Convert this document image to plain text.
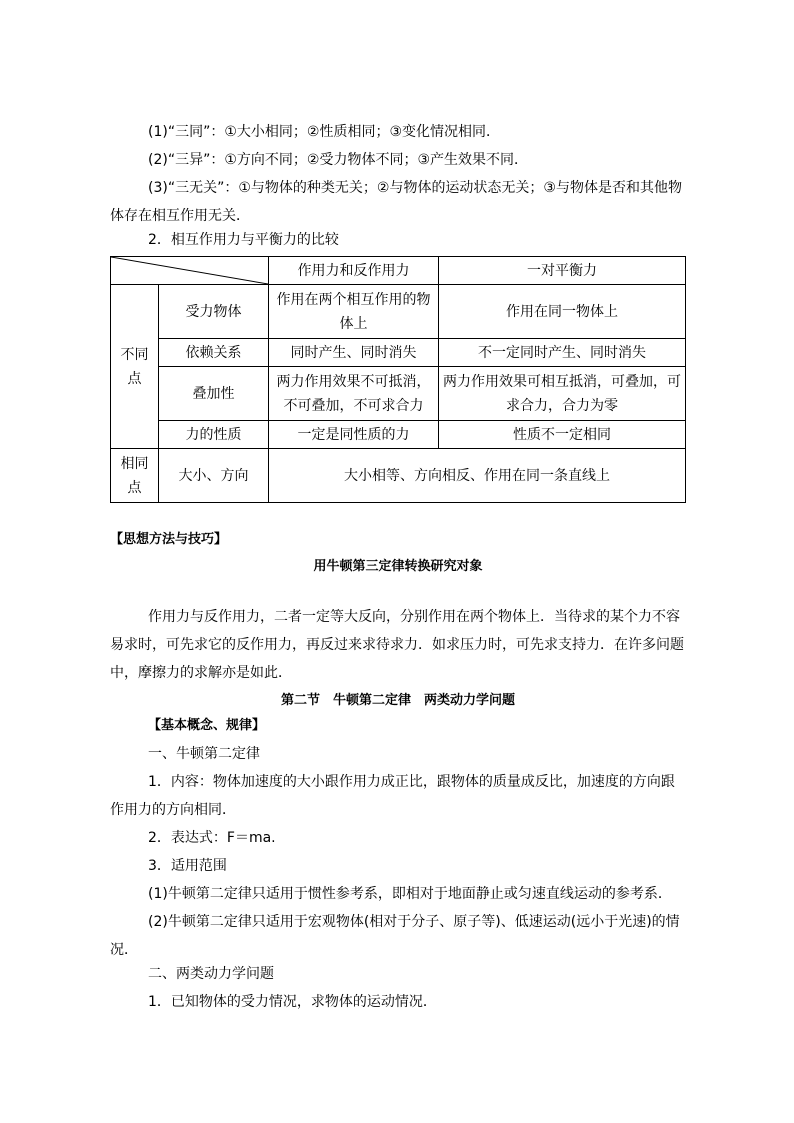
(1)“三同”：①大小相同；②性质相同；③变化情况相同．

(2)“三异”：①方向不同；②受力物体不同；③产生效果不同．

(3)“三无关”：①与物体的种类无关；②与物体的运动状态无关；③与物体是否和其他物体存在相互作用无关．

2．相互作用力与平衡力的比较

	作用力和反作用力	一对平衡力
不同点	受力物体	作用在两个相互作用的物体上	作用在同一物体上
	依赖关系	同时产生、同时消失	不一定同时产生、同时消失
	叠加性	两力作用效果不可抵消，不可叠加，不可求合力	两力作用效果可相互抵消，可叠加，可求合力，合力为零
	力的性质	一定是同性质的力	性质不一定相同
相同点	大小、方向	大小相等、方向相反、作用在同一条直线上	

【思想方法与技巧】

用牛顿第三定律转换研究对象

作用力与反作用力，二者一定等大反向，分别作用在两个物体上．当待求的某个力不容易求时，可先求它的反作用力，再反过来求待求力．如求压力时，可先求支持力．在许多问题中，摩擦力的求解亦是如此．

第二节　牛顿第二定律　两类动力学问题

【基本概念、规律】

一、牛顿第二定律

1．内容：物体加速度的大小跟作用力成正比，跟物体的质量成反比，加速度的方向跟作用力的方向相同．

2．表达式：F＝ma.

3．适用范围

(1)牛顿第二定律只适用于惯性参考系，即相对于地面静止或匀速直线运动的参考系．

(2)牛顿第二定律只适用于宏观物体(相对于分子、原子等)、低速运动(远小于光速)的情况．

二、两类动力学问题

1．已知物体的受力情况，求物体的运动情况．
